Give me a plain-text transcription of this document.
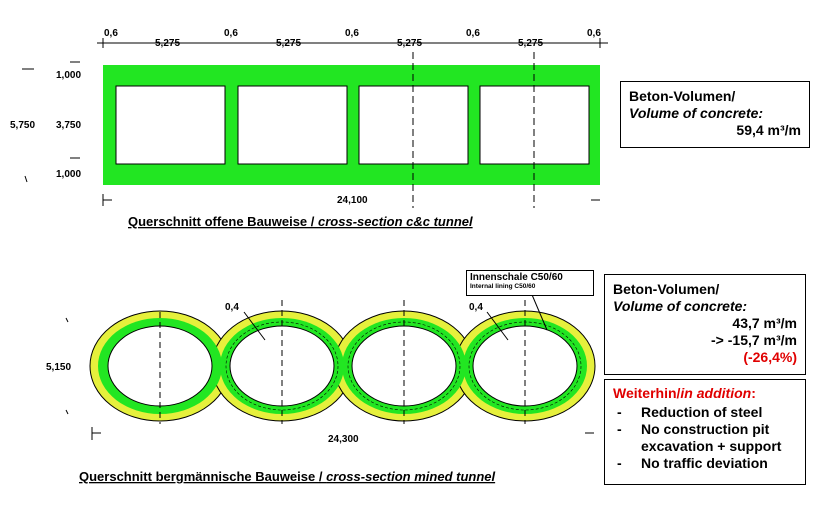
0,6
5,275
0,6
5,275
0,6
5,275
0,6
5,275
0,6
1,000
5,750 3,750
1,000
24,100
Querschnitt offene Bauweise / cross-section c&c tunnel
0,4	0,4
5,150
24,300
Querschnitt bergmännische Bauweise / cross-section mined tunnel
Innenschale C50/60
Internal lining C50/60
Beton-Volumen/
Volume of concrete:
59,4 m³/m
Beton-Volumen/
Volume of concrete:
43,7 m³/m
-> -15,7 m³/m
(-26,4%)
Weiterhin/in addition:
- Reduction of steel
- No construction pit
excavation + support
- No traffic deviation
